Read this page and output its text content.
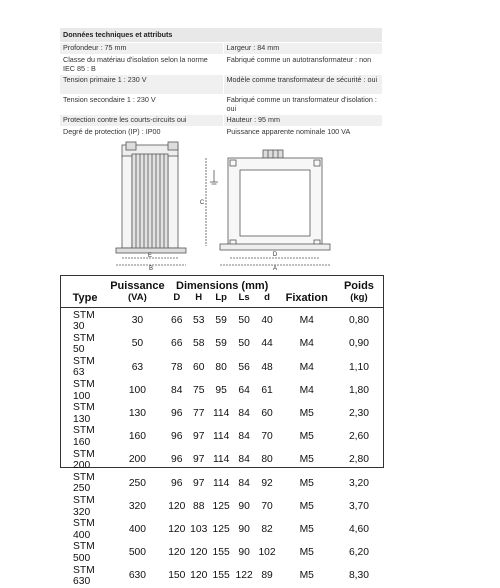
Données techniques et attributs	
Profondeur : 75 mm	Largeur : 84 mm
Classe du matériau d'isolation selon la norme IEC 85 : B	Fabriqué comme un autotransformateur : non
Tension primaire 1 : 230 V	Modèle comme transformateur de sécurité : oui
Tension secondaire 1 : 230 V	Fabriqué comme un transformateur d'isolation : oui
Protection contre les courts-circuits oui	Hauteur : 95 mm
Degré de protection (IP) : IP00	Puissance apparente nominale 100 VA
E
B
C
D
A
Type	Puissance	Dimensions (mm)					Fixation	Poids
	(VA)	D	H	Lp	Ls	d		(kg)

STM 30	30	66	53	59	50	40	M4	0,80
STM 50	50	66	58	59	50	44	M4	0,90
STM 63	63	78	60	80	56	48	M4	1,10
STM 100	100	84	75	95	64	61	M4	1,80
STM 130	130	96	77	114	84	60	M5	2,30
STM 160	160	96	97	114	84	70	M5	2,60
STM 200	200	96	97	114	84	80	M5	2,80
STM 250	250	96	97	114	84	92	M5	3,20
STM 320	320	120	88	125	90	70	M5	3,70
STM 400	400	120	103	125	90	82	M5	4,60
STM 500	500	120	120	155	90	102	M5	6,20
STM 630	630	150	120	155	122	89	M5	8,30
